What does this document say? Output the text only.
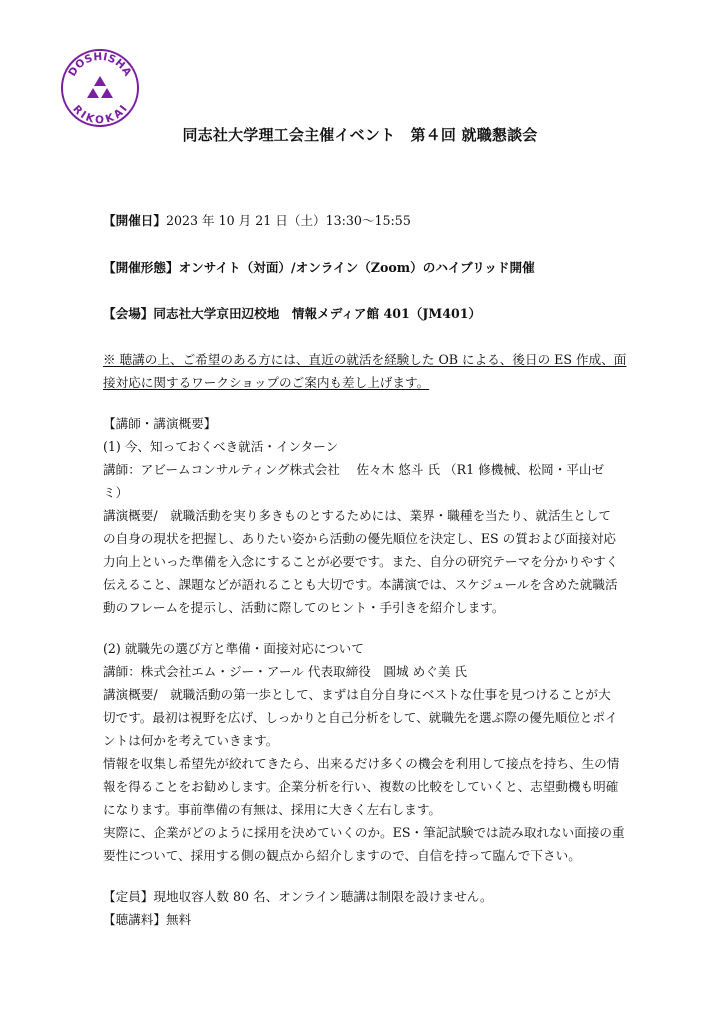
DOSHISHA
RIKOKAI
同志社大学理工会主催イベント　第４回 就職懇談会
【開催日】2023 年 10 月 21 日（土）13:30～15:55
【開催形態】オンサイト（対面）/オンライン（Zoom）のハイブリッド開催
【会場】同志社大学京田辺校地　情報メディア館 401（JM401）
※ 聴講の上、ご希望のある方には、直近の就活を経験した OB による、後日の ES 作成、面
接対応に関するワークショップのご案内も差し上げます。
【講師・講演概要】
(1) 今、知っておくべき就活・インターン
講師：アビームコンサルティング株式会社　 佐々木 悠斗 氏 （R1 修機械、松岡・平山ゼ
ミ）
講演概要/　就職活動を実り多きものとするためには、業界・職種を当たり、就活生として
の自身の現状を把握し、ありたい姿から活動の優先順位を決定し、ES の質および面接対応
力向上といった準備を入念にすることが必要です。また、自分の研究テーマを分かりやすく
伝えること、課題などが語れることも大切です。本講演では、スケジュールを含めた就職活
動のフレームを提示し、活動に際してのヒント・手引きを紹介します。
(2) 就職先の選び方と準備・面接対応について
講師：株式会社エム・ジー・アール 代表取締役　圓城 めぐ美 氏
講演概要/　就職活動の第一歩として、まずは自分自身にベストな仕事を見つけることが大
切です。最初は視野を広げ、しっかりと自己分析をして、就職先を選ぶ際の優先順位とポイ
ントは何かを考えていきます。
情報を収集し希望先が絞れてきたら、出来るだけ多くの機会を利用して接点を持ち、生の情
報を得ることをお勧めします。企業分析を行い、複数の比較をしていくと、志望動機も明確
になります。事前準備の有無は、採用に大きく左右します。
実際に、企業がどのように採用を決めていくのか。ES・筆記試験では読み取れない面接の重
要性について、採用する側の観点から紹介しますので、自信を持って臨んで下さい。
【定員】現地収容人数 80 名、オンライン聴講は制限を設けません。
【聴講料】無料
